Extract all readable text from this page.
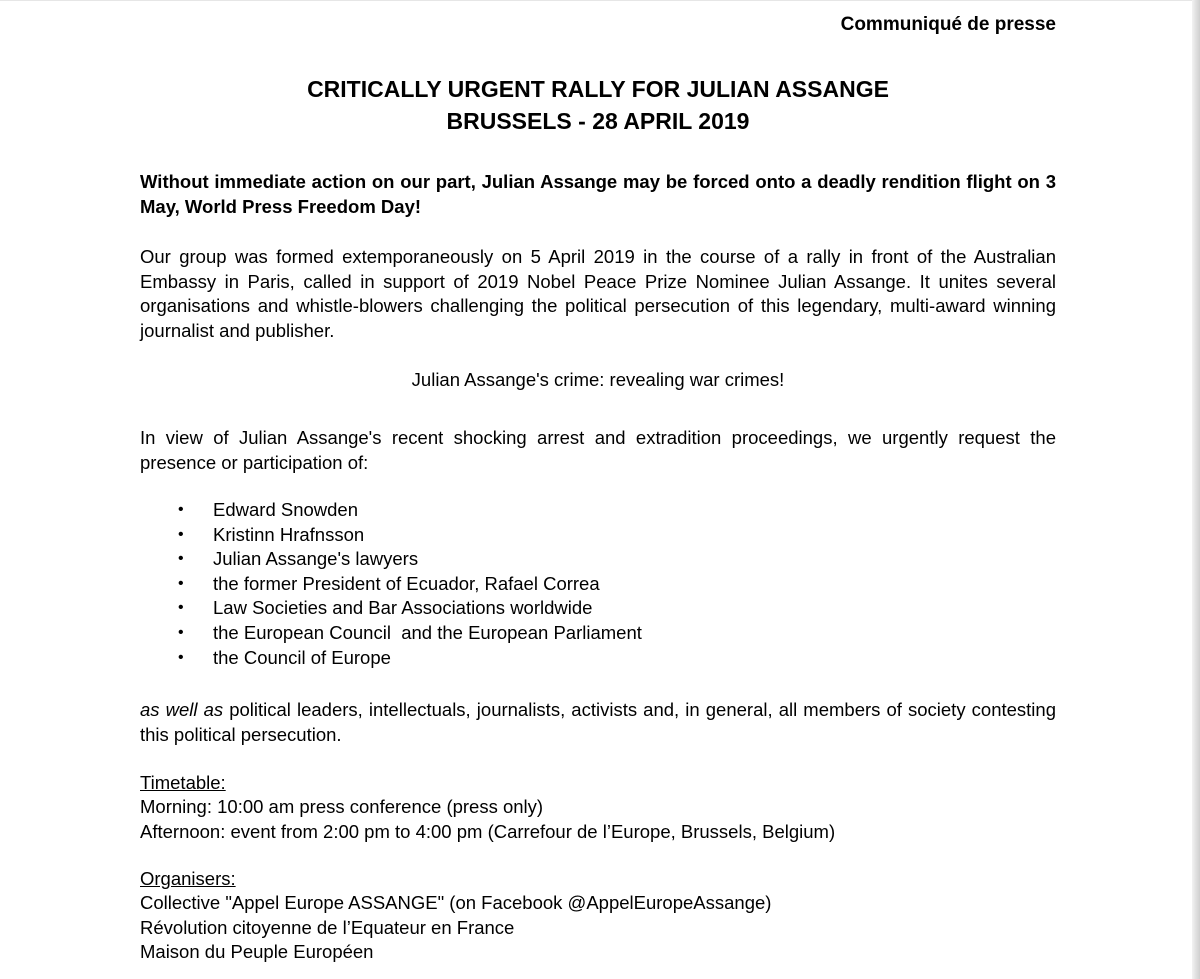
Communiqué de presse
CRITICALLY URGENT RALLY FOR JULIAN ASSANGE
BRUSSELS - 28 APRIL 2019
Without immediate action on our part, Julian Assange may be forced onto a deadly rendition flight on 3 May, World Press Freedom Day!
Our group was formed extemporaneously on 5 April 2019 in the course of a rally in front of the Australian Embassy in Paris, called in support of 2019 Nobel Peace Prize Nominee Julian Assange. It unites several organisations and whistle-blowers challenging the political persecution of this legendary, multi-award winning journalist and publisher.
Julian Assange's crime: revealing war crimes!
In view of Julian Assange's recent shocking arrest and extradition proceedings, we urgently request the presence or participation of:
• Edward Snowden
• Kristinn Hrafnsson
• Julian Assange's lawyers
• the former President of Ecuador, Rafael Correa
• Law Societies and Bar Associations worldwide
• the European Council  and the European Parliament
• the Council of Europe
as well as political leaders, intellectuals, journalists, activists and, in general, all members of society contesting this political persecution.
Timetable:
Morning: 10:00 am press conference (press only)
Afternoon: event from 2:00 pm to 4:00 pm (Carrefour de l’Europe, Brussels, Belgium)
Organisers:
Collective "Appel Europe ASSANGE" (on Facebook @AppelEuropeAssange)
Révolution citoyenne de l’Equateur en France
Maison du Peuple Européen
